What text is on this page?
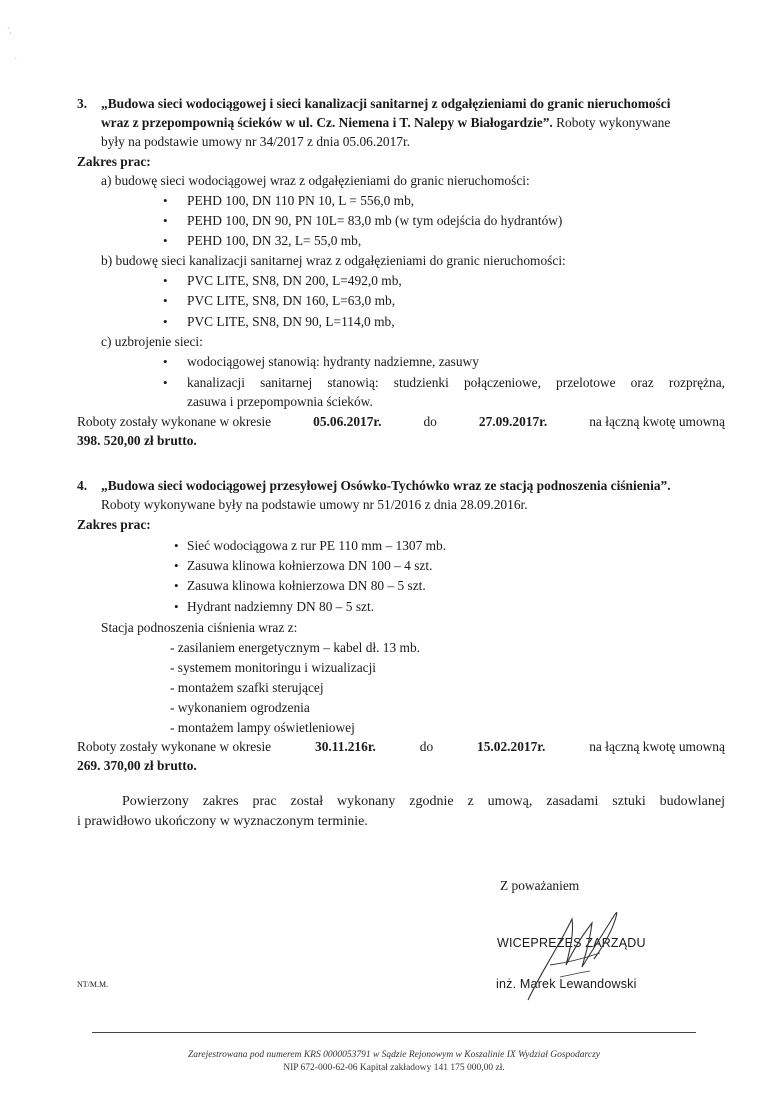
ʼ,
-
3. „Budowa sieci wodociągowej i sieci kanalizacji sanitarnej z odgałęzieniami do granic nieruchomości
wraz z przepompownią ścieków w ul. Cz. Niemena i T. Nalepy w Białogardzie”. Roboty wykonywane
były na podstawie umowy nr 34/2017 z dnia 05.06.2017r.
Zakres prac:
a) budowę sieci wodociągowej wraz z odgałęzieniami do granic nieruchomości:
• PEHD 100, DN 110 PN 10, L = 556,0 mb,
• PEHD 100, DN 90, PN 10L= 83,0 mb (w tym odejścia do hydrantów)
• PEHD 100, DN 32, L= 55,0 mb,
b) budowę sieci kanalizacji sanitarnej wraz z odgałęzieniami do granic nieruchomości:
• PVC LITE, SN8, DN 200, L=492,0 mb,
• PVC LITE, SN8, DN 160, L=63,0 mb,
• PVC LITE, SN8, DN 90, L=114,0 mb,
c) uzbrojenie sieci:
• wodociągowej stanowią: hydranty nadziemne, zasuwy
• kanalizacji sanitarnej stanowią: studzienki połączeniowe, przelotowe oraz rozprężna,
zasuwa i przepompownia ścieków.
Roboty zostały wykonane w okresie	05.06.2017r.	do	27.09.2017r.	na łączną kwotę umowną
398. 520,00 zł brutto.
4. „Budowa sieci wodociągowej przesyłowej Osówko-Tychówko wraz ze stacją podnoszenia ciśnienia”.
Roboty wykonywane były na podstawie umowy nr 51/2016 z dnia 28.09.2016r.
Zakres prac:
• Sieć wodociągowa z rur PE 110 mm – 1307 mb.
• Zasuwa klinowa kołnierzowa DN 100 – 4 szt.
• Zasuwa klinowa kołnierzowa DN 80 – 5 szt.
• Hydrant nadziemny DN 80 – 5 szt.
Stacja podnoszenia ciśnienia wraz z:
- zasilaniem energetycznym – kabel dł. 13 mb.
- systemem monitoringu i wizualizacji
- montażem szafki sterującej
- wykonaniem ogrodzenia
- montażem lampy oświetleniowej
Roboty zostały wykonane w okresie	30.11.216r.	do	15.02.2017r.	na łączną kwotę umowną
269. 370,00 zł brutto.
Powierzony zakres prac został wykonany zgodnie z umową, zasadami sztuki budowlanej
i prawidłowo ukończony w wyznaczonym terminie.
Z poważaniem
WICEPREZES ZARZĄDU
inż. Marek Lewandowski
NT/M.M.
Zarejestrowana pod numerem KRS 0000053791 w Sądzie Rejonowym w Koszalinie IX Wydział Gospodarczy
NIP 672-000-62-06 Kapitał zakładowy 141 175 000,00 zł.
